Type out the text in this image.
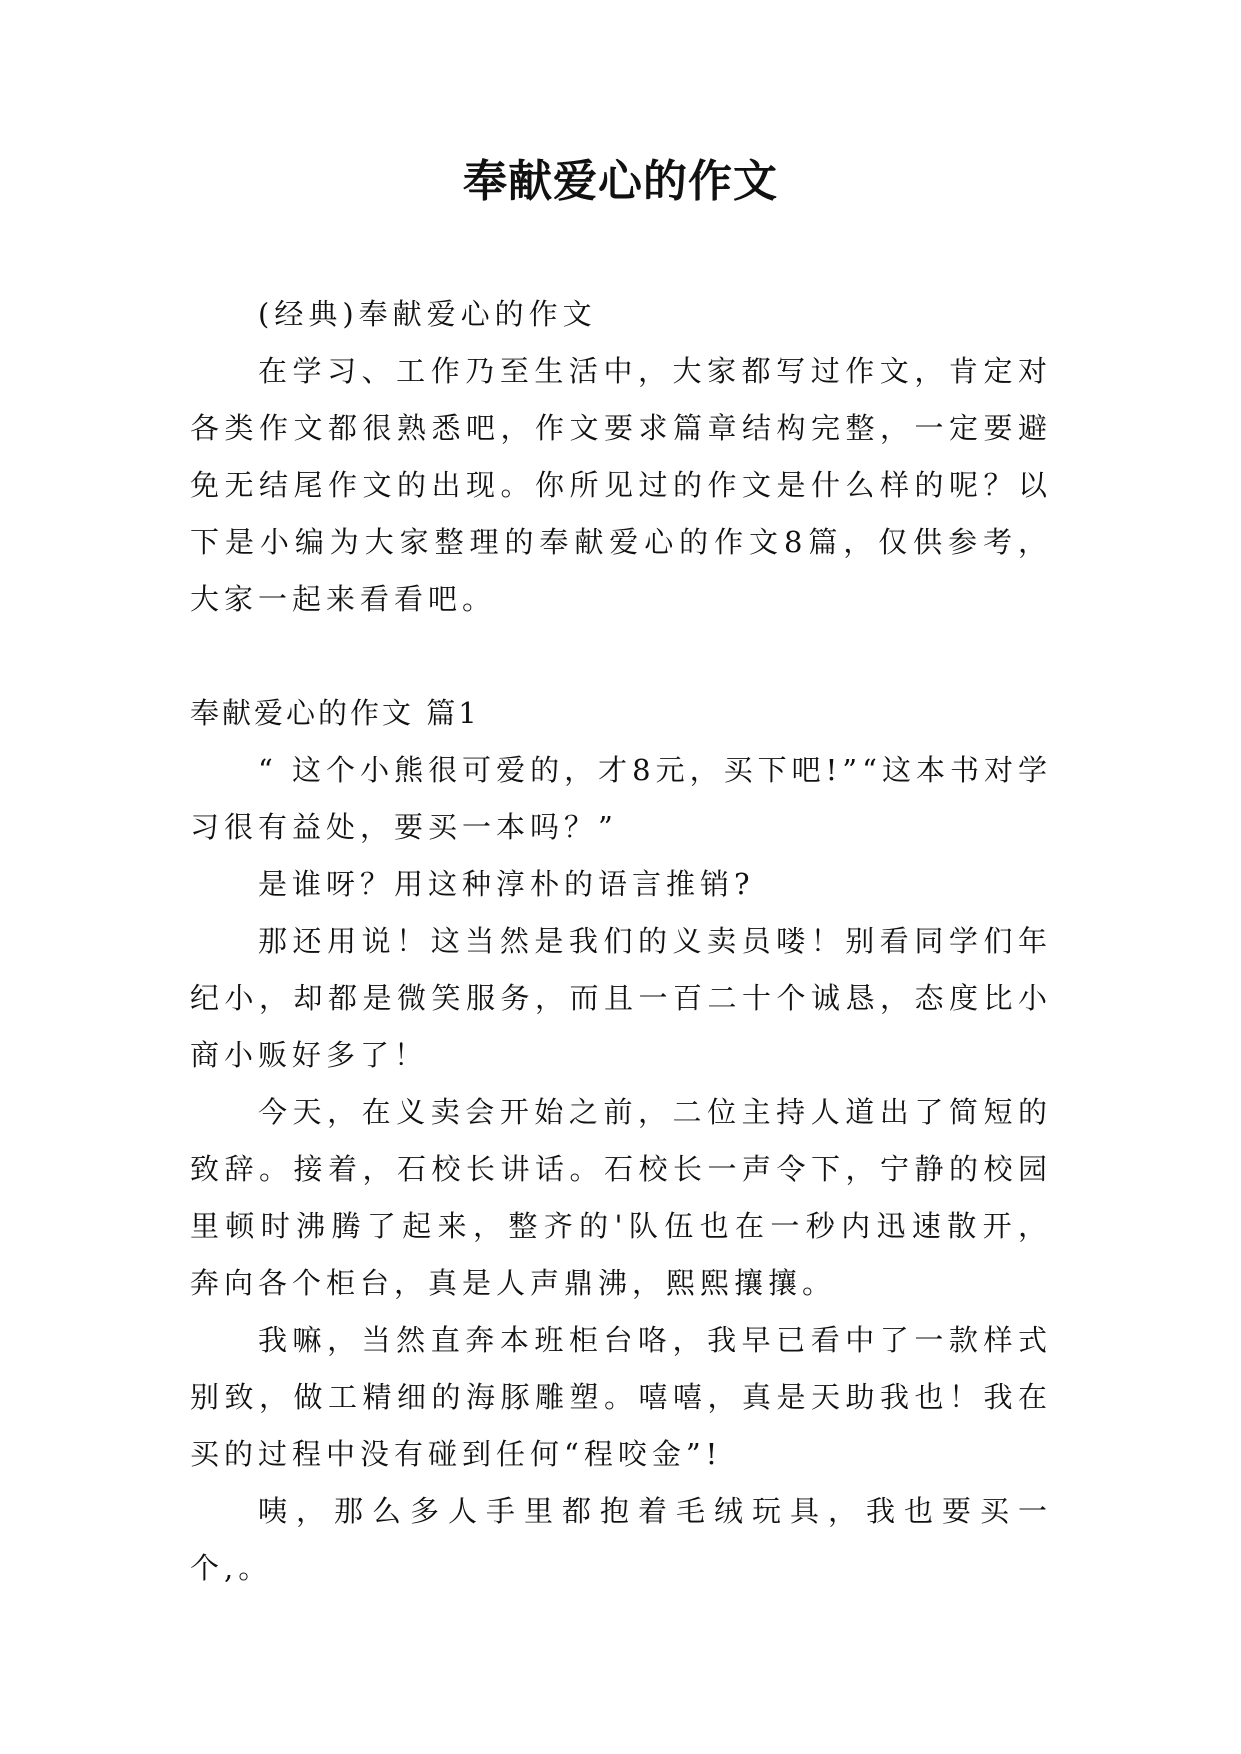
奉献爱心的作文

(经典)奉献爱心的作文

在学习、工作乃至生活中，大家都写过作文，肯定对各类作文都很熟悉吧，作文要求篇章结构完整，一定要避免无结尾作文的出现。你所见过的作文是什么样的呢？以下是小编为大家整理的奉献爱心的作文8篇，仅供参考，大家一起来看看吧。

奉献爱心的作文 篇1

“ 这个小熊很可爱的，才8元，买下吧!”“这本书对学习很有益处，要买一本吗？”

是谁呀？用这种淳朴的语言推销?

那还用说！这当然是我们的义卖员喽！别看同学们年纪小，却都是微笑服务，而且一百二十个诚恳，态度比小商小贩好多了！

今天，在义卖会开始之前，二位主持人道出了简短的致辞。接着，石校长讲话。石校长一声令下，宁静的校园里顿时沸腾了起来，整齐的'队伍也在一秒内迅速散开，奔向各个柜台，真是人声鼎沸，熙熙攘攘。

我嘛，当然直奔本班柜台咯，我早已看中了一款样式别致，做工精细的海豚雕塑。嘻嘻，真是天助我也！我在买的过程中没有碰到任何“程咬金”!

咦，那么多人手里都抱着毛绒玩具，我也要买一个,。
